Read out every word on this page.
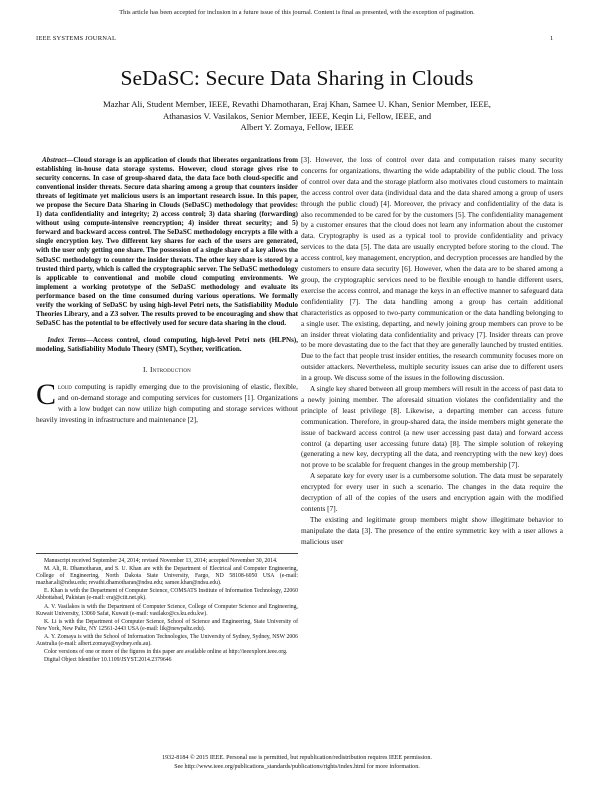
This article has been accepted for inclusion in a future issue of this journal. Content is final as presented, with the exception of pagination.
IEEE SYSTEMS JOURNAL	1
SeDaSC: Secure Data Sharing in Clouds
Mazhar Ali, Student Member, IEEE, Revathi Dhamotharan, Eraj Khan, Samee U. Khan, Senior Member, IEEE,
Athanasios V. Vasilakos, Senior Member, IEEE, Keqin Li, Fellow, IEEE, and
Albert Y. Zomaya, Fellow, IEEE
Abstract—Cloud storage is an application of clouds that liberates organizations from establishing in-house data storage systems. However, cloud storage gives rise to security concerns. In case of group-shared data, the data face both cloud-specific and conventional insider threats. Secure data sharing among a group that counters insider threats of legitimate yet malicious users is an important research issue. In this paper, we propose the Secure Data Sharing in Clouds (SeDaSC) methodology that provides: 1) data confidentiality and integrity; 2) access control; 3) data sharing (forwarding) without using compute-intensive reencryption; 4) insider threat security; and 5) forward and backward access control. The SeDaSC methodology encrypts a file with a single encryption key. Two different key shares for each of the users are generated, with the user only getting one share. The possession of a single share of a key allows the SeDaSC methodology to counter the insider threats. The other key share is stored by a trusted third party, which is called the cryptographic server. The SeDaSC methodology is applicable to conventional and mobile cloud computing environments. We implement a working prototype of the SeDaSC methodology and evaluate its performance based on the time consumed during various operations. We formally verify the working of SeDaSC by using high-level Petri nets, the Satisfiability Modulo Theories Library, and a Z3 solver. The results proved to be encouraging and show that SeDaSC has the potential to be effectively used for secure data sharing in the cloud.
Index Terms—Access control, cloud computing, high-level Petri nets (HLPNs), modeling, Satisfiability Modulo Theory (SMT), Scyther, verification.
I. Introduction
Cloud computing is rapidly emerging due to the provisioning of elastic, flexible, and on-demand storage and computing services for customers [1]. Organizations with a low budget can now utilize high computing and storage services without heavily investing in infrastructure and maintenance [2],

Manuscript received September 24, 2014; revised November 13, 2014; accepted November 30, 2014.

M. Ali, R. Dhamotharan, and S. U. Khan are with the Department of Electrical and Computer Engineering, College of Engineering, North Dakota State University, Fargo, ND 58108-6050 USA (e-mail: mazhar.ali@ndsu.edu; revathi.dhamotharan@ndsu.edu; samee.khan@ndsu.edu).

E. Khan is with the Department of Computer Science, COMSATS Institute of Information Technology, 22060 Abbottabad, Pakistan (e-mail: eraj@ciit.net.pk).

A. V. Vasilakos is with the Department of Computer Science, College of Computer Science and Engineering, Kuwait University, 13060 Safat, Kuwait (e-mail: vasilako@cs.ku.edu.kw).

K. Li is with the Department of Computer Science, School of Science and Engineering, State University of New York, New Paltz, NY 12561-2443 USA (e-mail: lik@newpaltz.edu).

A. Y. Zomaya is with the School of Information Technologies, The University of Sydney, Sydney, NSW 2006 Australia (e-mail: albert.zomaya@sydney.edu.au).

Color versions of one or more of the figures in this paper are available online at http://ieeexplore.ieee.org.

Digital Object Identifier 10.1109/JSYST.2014.2379646

[3]. However, the loss of control over data and computation raises many security concerns for organizations, thwarting the wide adaptability of the public cloud. The loss of control over data and the storage platform also motivates cloud customers to maintain the access control over data (individual data and the data shared among a group of users through the public cloud) [4]. Moreover, the privacy and confidentiality of the data is also recommended to be cared for by the customers [5]. The confidentiality management by a customer ensures that the cloud does not learn any information about the customer data. Cryptography is used as a typical tool to provide confidentiality and privacy services to the data [5]. The data are usually encrypted before storing to the cloud. The access control, key management, encryption, and decryption processes are handled by the customers to ensure data security [6]. However, when the data are to be shared among a group, the cryptographic services need to be flexible enough to handle different users, exercise the access control, and manage the keys in an effective manner to safeguard data confidentiality [7]. The data handling among a group has certain additional characteristics as opposed to two-party communication or the data handling belonging to a single user. The existing, departing, and newly joining group members can prove to be an insider threat violating data confidentiality and privacy [7]. Insider threats can prove to be more devastating due to the fact that they are generally launched by trusted entities. Due to the fact that people trust insider entities, the research community focuses more on outsider attackers. Nevertheless, multiple security issues can arise due to different users in a group. We discuss some of the issues in the following discussion.

A single key shared between all group members will result in the access of past data to a newly joining member. The aforesaid situation violates the confidentiality and the principle of least privilege [8]. Likewise, a departing member can access future communication. Therefore, in group-shared data, the inside members might generate the issue of backward access control (a new user accessing past data) and forward access control (a departing user accessing future data) [8]. The simple solution of rekeying (generating a new key, decrypting all the data, and reencrypting with the new key) does not prove to be scalable for frequent changes in the group membership [7].

A separate key for every user is a cumbersome solution. The data must be separately encrypted for every user in such a scenario. The changes in the data require the decryption of all of the copies of the users and encryption again with the modified contents [7].

The existing and legitimate group members might show illegitimate behavior to manipulate the data [3]. The presence of the entire symmetric key with a user allows a malicious user

1932-8184 © 2015 IEEE. Personal use is permitted, but republication/redistribution requires IEEE permission.
See http://www.ieee.org/publications_standards/publications/rights/index.html for more information.
